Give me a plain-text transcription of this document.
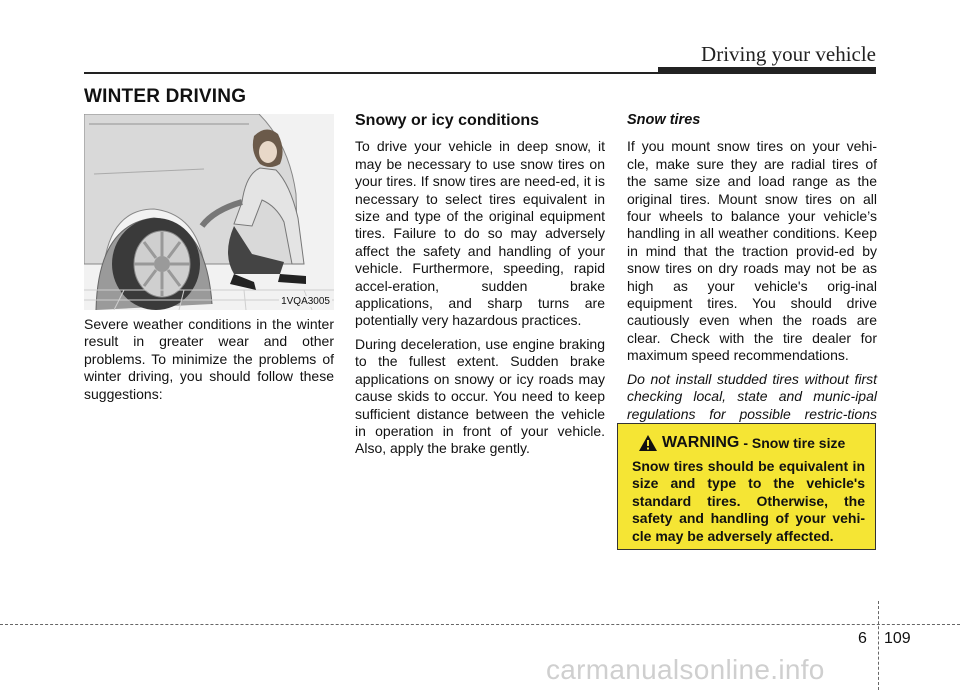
Driving your vehicle
WINTER DRIVING
1VQA3005

Severe weather conditions in the winter result in greater wear and other problems. To minimize the problems of winter driving, you should follow these suggestions:

Snowy or icy conditions

To drive your vehicle in deep snow, it may be necessary to use snow tires on your tires. If snow tires are need-ed, it is necessary to select tires equivalent in size and type of the original equipment tires. Failure to do so may adversely affect the safety and handling of your vehicle. Furthermore, speeding, rapid accel-eration, sudden brake applications, and sharp turns are potentially very hazardous practices.

During deceleration, use engine braking to the fullest extent. Sudden brake applications on snowy or icy roads may cause skids to occur. You need to keep sufficient distance between the vehicle in operation in front of your vehicle. Also, apply the brake gently.

Snow tires

If you mount snow tires on your vehi-cle, make sure they are radial tires of the same size and load range as the original tires. Mount snow tires on all four wheels to balance your vehicle’s handling in all weather conditions. Keep in mind that the traction provid-ed by snow tires on dry roads may not be as high as your vehicle's orig-inal equipment tires. You should drive cautiously even when the roads are clear. Check with the tire dealer for maximum speed recommendations.

Do not install studded tires without first checking local, state and munic-ipal regulations for possible restric-tions

WARNING - Snow tire size
Snow tires should be equivalent in size and type to the vehicle's standard tires. Otherwise, the safety and handling of your vehi-cle may be adversely affected.
6 109
carmanualsonline.info
